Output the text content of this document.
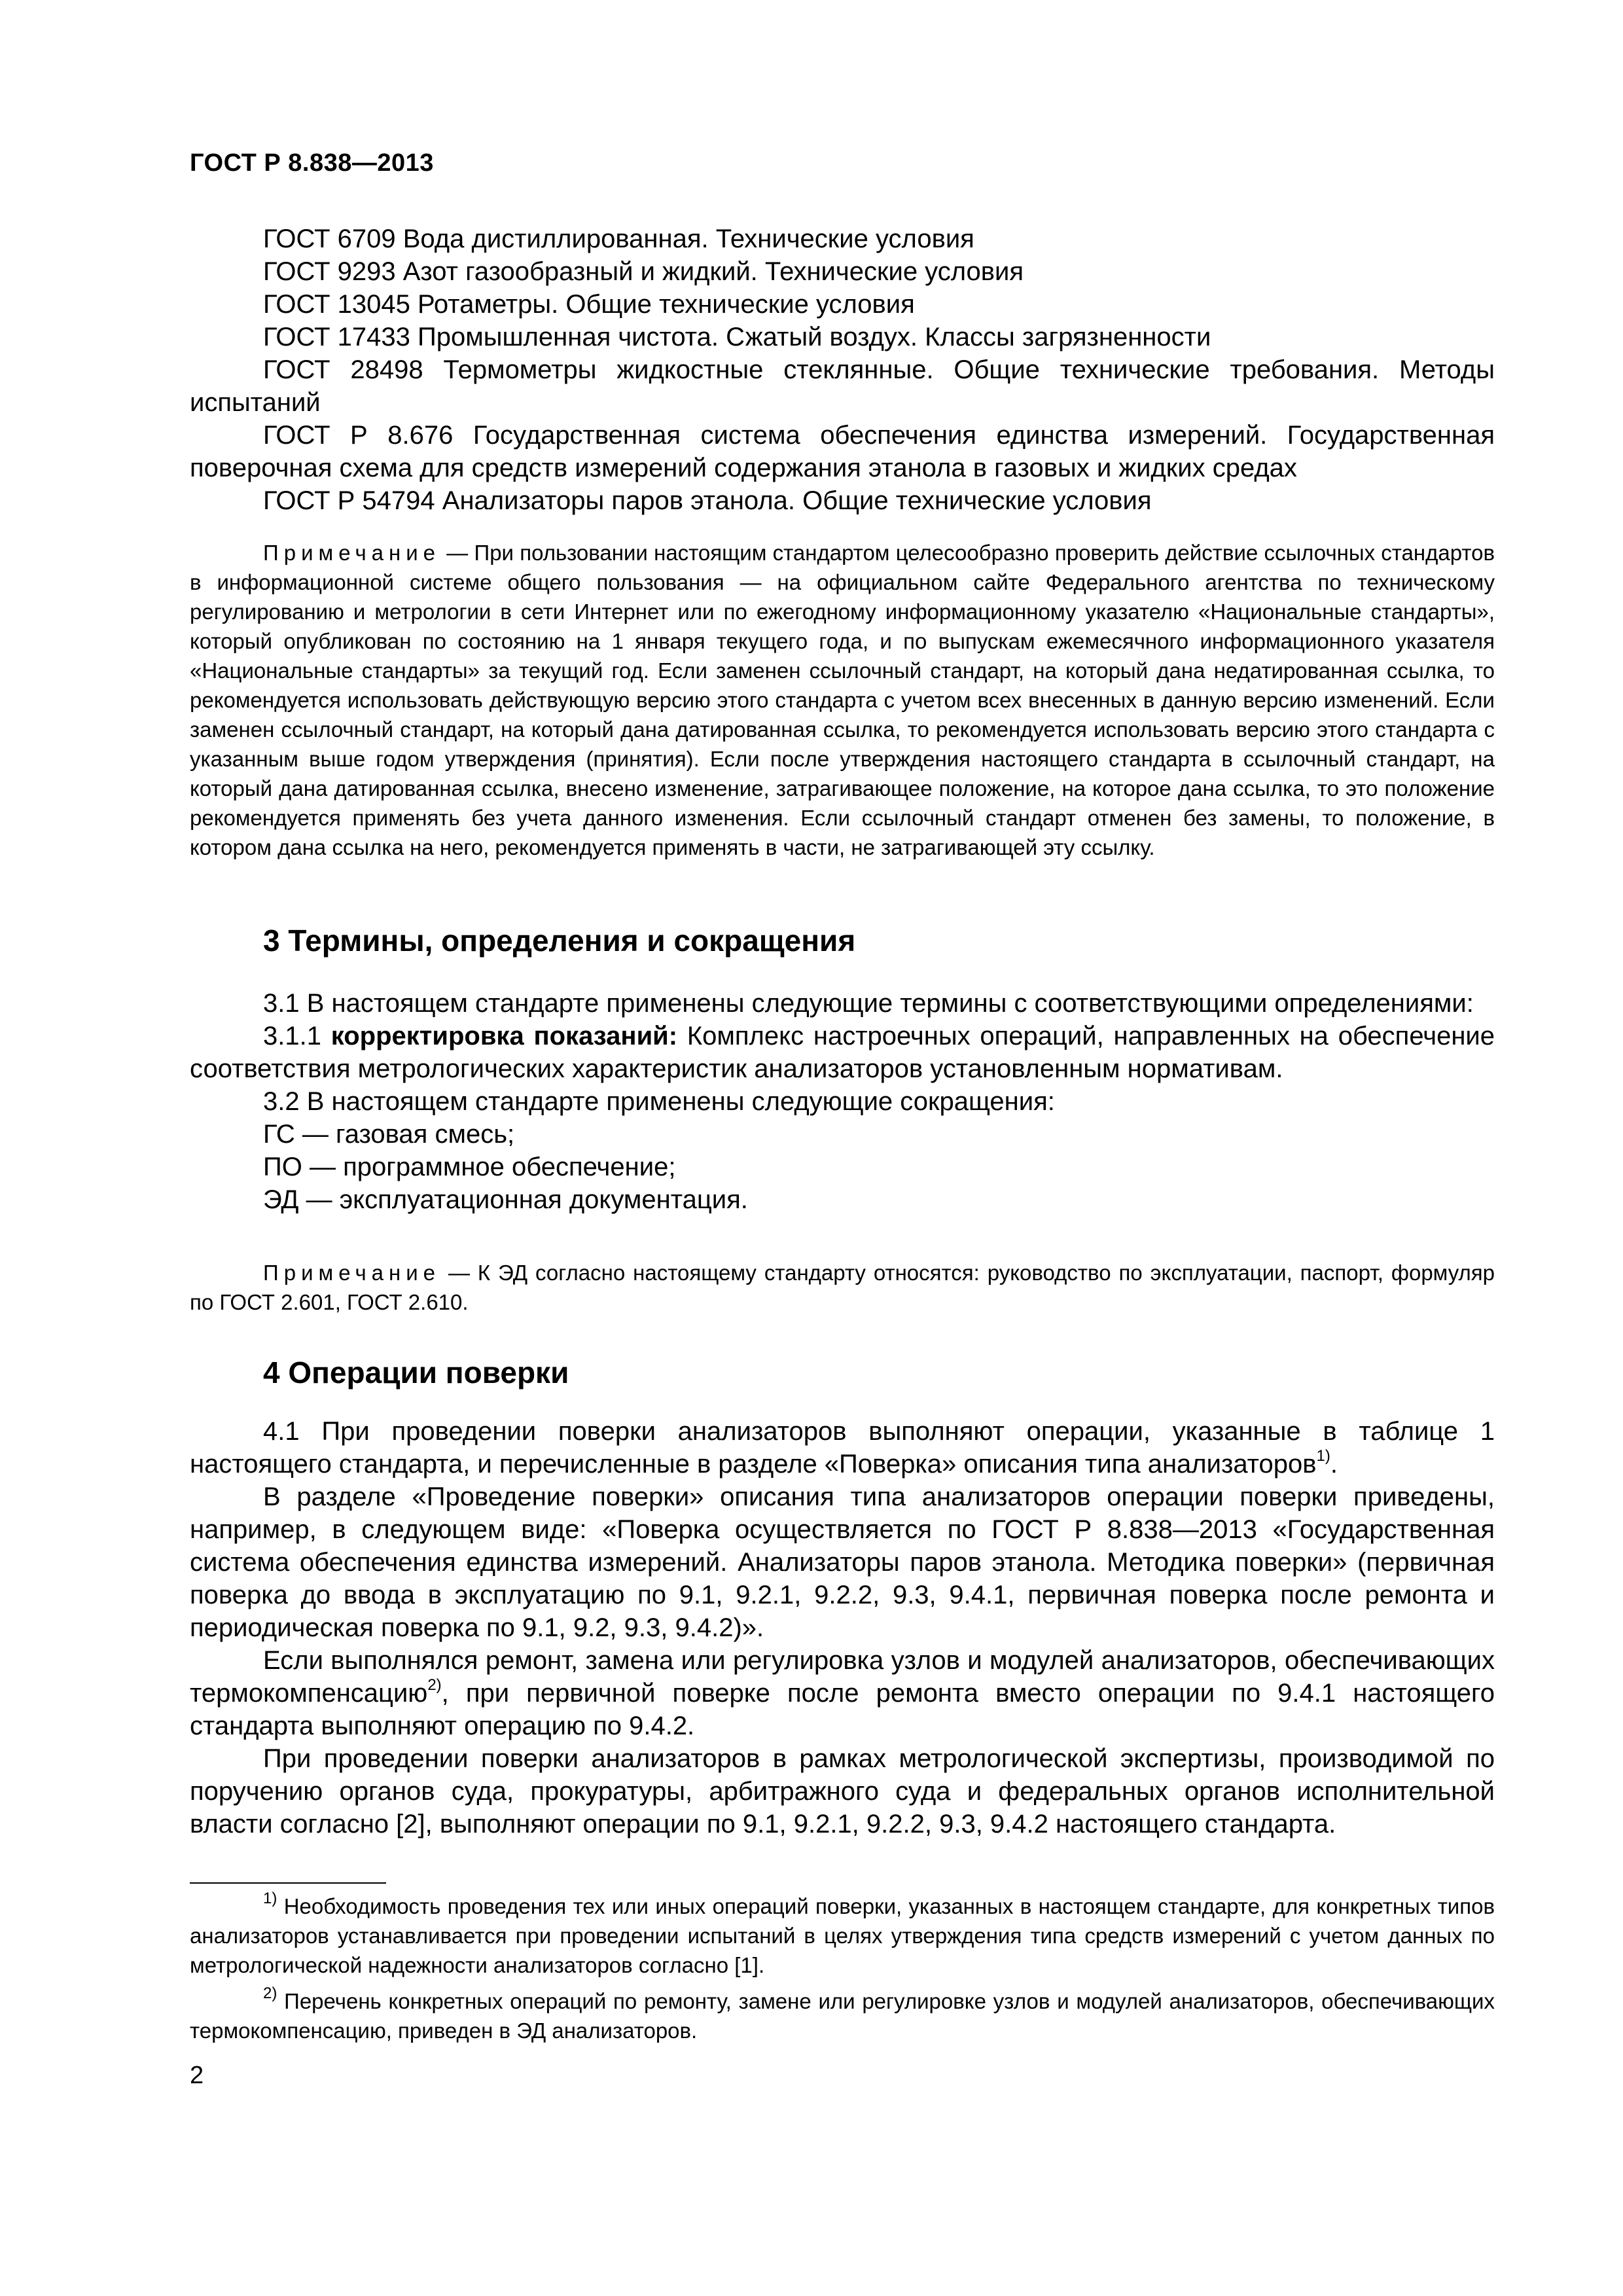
ГОСТ Р 8.838—2013
ГОСТ 6709 Вода дистиллированная. Технические условия
ГОСТ 9293 Азот газообразный и жидкий. Технические условия
ГОСТ 13045 Ротаметры. Общие технические условия
ГОСТ 17433 Промышленная чистота. Сжатый воздух. Классы загрязненности
ГОСТ 28498 Термометры жидкостные стеклянные. Общие технические требования. Методы испытаний
ГОСТ Р 8.676 Государственная система обеспечения единства измерений. Государственная поверочная схема для средств измерений содержания этанола в газовых и жидких средах
ГОСТ Р 54794 Анализаторы паров этанола. Общие технические условия
Примечание — При пользовании настоящим стандартом целесообразно проверить действие ссылочных стандартов в информационной системе общего пользования — на официальном сайте Федерального агентства по техническому регулированию и метрологии в сети Интернет или по ежегодному информационному указателю «Национальные стандарты», который опубликован по состоянию на 1 января текущего года, и по выпускам ежемесячного информационного указателя «Национальные стандарты» за текущий год. Если заменен ссылочный стандарт, на который дана недатированная ссылка, то рекомендуется использовать действующую версию этого стандарта с учетом всех внесенных в данную версию изменений. Если заменен ссылочный стандарт, на который дана датированная ссылка, то рекомендуется использовать версию этого стандарта с указанным выше годом утверждения (принятия). Если после утверждения настоящего стандарта в ссылочный стандарт, на который дана датированная ссылка, внесено изменение, затрагивающее положение, на которое дана ссылка, то это положение рекомендуется применять без учета данного изменения. Если ссылочный стандарт отменен без замены, то положение, в котором дана ссылка на него, рекомендуется применять в части, не затрагивающей эту ссылку.
3 Термины, определения и сокращения

3.1 В настоящем стандарте применены следующие термины с соответствующими определениями:

3.1.1 корректировка показаний: Комплекс настроечных операций, направленных на обеспечение соответствия метрологических характеристик анализаторов установленным нормативам.

3.2 В настоящем стандарте применены следующие сокращения:

ГС — газовая смесь;

ПО — программное обеспечение;

ЭД — эксплуатационная документация.

Примечание — К ЭД согласно настоящему стандарту относятся: руководство по эксплуатации, паспорт, формуляр по ГОСТ 2.601, ГОСТ 2.610.
4 Операции поверки

4.1 При проведении поверки анализаторов выполняют операции, указанные в таблице 1 настоящего стандарта, и перечисленные в разделе «Поверка» описания типа анализаторов$^{1)}$.

В разделе «Проведение поверки» описания типа анализаторов операции поверки приведены, например, в следующем виде: «Поверка осуществляется по ГОСТ Р 8.838—2013 «Государственная система обеспечения единства измерений. Анализаторы паров этанола. Методика поверки» (первичная поверка до ввода в эксплуатацию по 9.1, 9.2.1, 9.2.2, 9.3, 9.4.1, первичная поверка после ремонта и периодическая поверка по 9.1, 9.2, 9.3, 9.4.2)».

Если выполнялся ремонт, замена или регулировка узлов и модулей анализаторов, обеспечивающих термокомпенсацию$^{2)}$, при первичной поверке после ремонта вместо операции по 9.4.1 настоящего стандарта выполняют операцию по 9.4.2.

При проведении поверки анализаторов в рамках метрологической экспертизы, производимой по поручению органов суда, прокуратуры, арбитражного суда и федеральных органов исполнительной власти согласно [2], выполняют операции по 9.1, 9.2.1, 9.2.2, 9.3, 9.4.2 настоящего стандарта.

$^{1)}$ Необходимость проведения тех или иных операций поверки, указанных в настоящем стандарте, для конкретных типов анализаторов устанавливается при проведении испытаний в целях утверждения типа средств измерений с учетом данных по метрологической надежности анализаторов согласно [1].
$^{2)}$ Перечень конкретных операций по ремонту, замене или регулировке узлов и модулей анализаторов, обеспечивающих термокомпенсацию, приведен в ЭД анализаторов.
2
